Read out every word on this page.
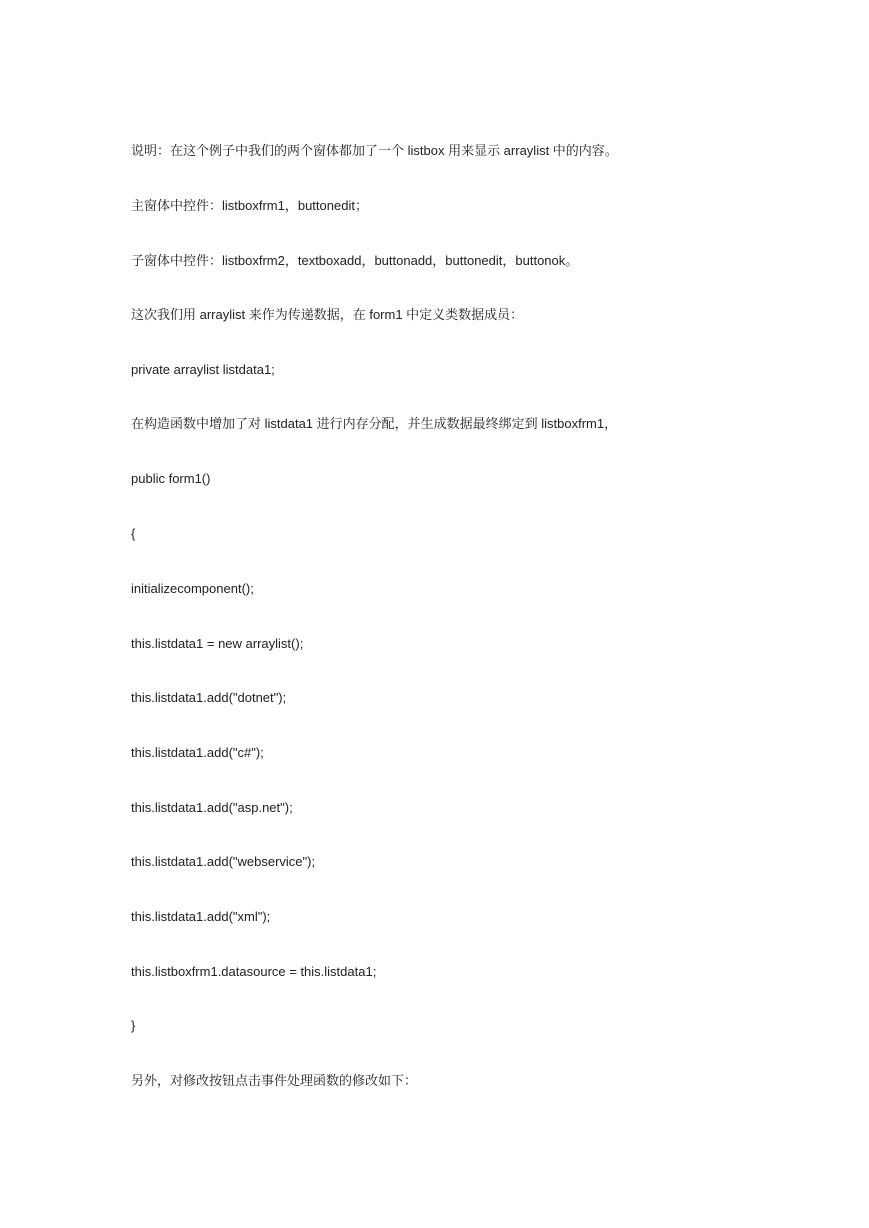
说明：在这个例子中我们的两个窗体都加了一个 listbox 用来显示 arraylist 中的内容。
主窗体中控件：listboxfrm1，buttonedit；
子窗体中控件：listboxfrm2，textboxadd，buttonadd，buttonedit，buttonok。
这次我们用 arraylist 来作为传递数据，在 form1 中定义类数据成员：
private arraylist listdata1;
在构造函数中增加了对 listdata1 进行内存分配，并生成数据最终绑定到 listboxfrm1，
public form1()
{
initializecomponent();
this.listdata1 = new arraylist();
this.listdata1.add("dotnet");
this.listdata1.add("c#");
this.listdata1.add("asp.net");
this.listdata1.add("webservice");
this.listdata1.add("xml");
this.listboxfrm1.datasource = this.listdata1;
}
另外，对修改按钮点击事件处理函数的修改如下：
